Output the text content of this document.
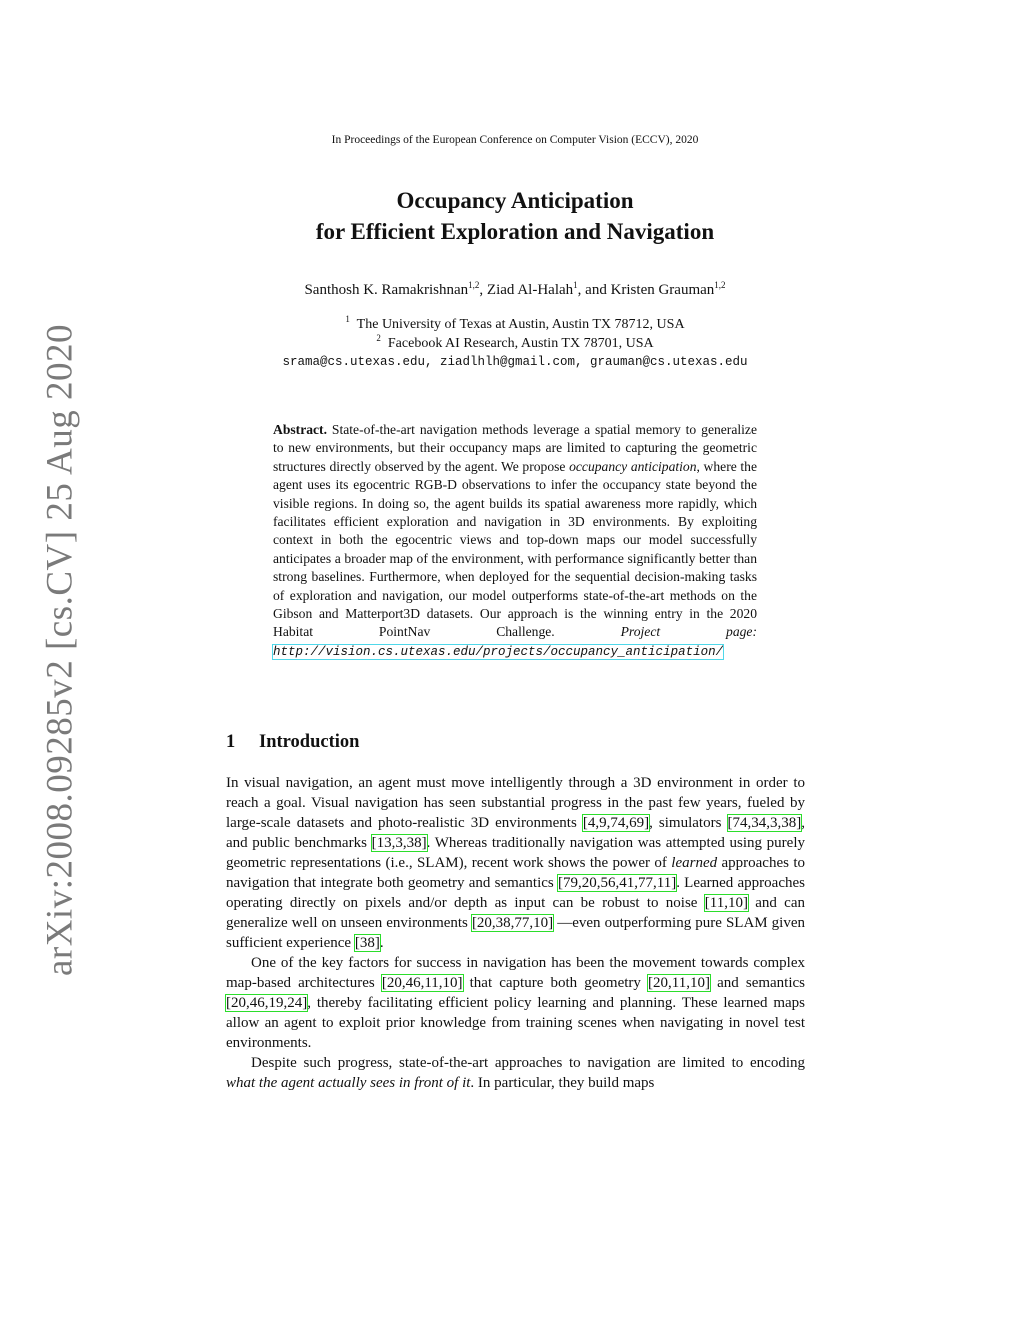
arXiv:2008.09285v2 [cs.CV] 25 Aug 2020
In Proceedings of the European Conference on Computer Vision (ECCV), 2020
Occupancy Anticipation
for Efficient Exploration and Navigation
Santhosh K. Ramakrishnan$^{1,2}$, Ziad Al-Halah$^1$, and Kristen Grauman$^{1,2}$
$^1$ The University of Texas at Austin, Austin TX 78712, USA
$^2$ Facebook AI Research, Austin TX 78701, USA
srama@cs.utexas.edu, ziadlhlh@gmail.com, grauman@cs.utexas.edu
Abstract. State-of-the-art navigation methods leverage a spatial memory to generalize to new environments, but their occupancy maps are limited to capturing the geometric structures directly observed by the agent. We propose occupancy anticipation, where the agent uses its egocentric RGB-D observations to infer the occupancy state beyond the visible regions. In doing so, the agent builds its spatial awareness more rapidly, which facilitates efficient exploration and navigation in 3D environments. By exploiting context in both the egocentric views and top-down maps our model successfully anticipates a broader map of the environment, with performance significantly better than strong baselines. Furthermore, when deployed for the sequential decision-making tasks of exploration and navigation, our model outperforms state-of-the-art methods on the Gibson and Matterport3D datasets. Our approach is the winning entry in the 2020 Habitat PointNav Challenge. Project page: http://vision.cs.utexas.edu/projects/occupancy_anticipation/
1 Introduction

In visual navigation, an agent must move intelligently through a 3D environment in order to reach a goal. Visual navigation has seen substantial progress in the past few years, fueled by large-scale datasets and photo-realistic 3D environments [4,9,74,69], simulators [74,34,3,38], and public benchmarks [13,3,38]. Whereas traditionally navigation was attempted using purely geometric representations (i.e., SLAM), recent work shows the power of learned approaches to navigation that integrate both geometry and semantics [79,20,56,41,77,11]. Learned approaches operating directly on pixels and/or depth as input can be robust to noise [11,10] and can generalize well on unseen environments [20,38,77,10] —even outperforming pure SLAM given sufficient experience [38].

One of the key factors for success in navigation has been the movement towards complex map-based architectures [20,46,11,10] that capture both geometry [20,11,10] and semantics [20,46,19,24], thereby facilitating efficient policy learning and planning. These learned maps allow an agent to exploit prior knowledge from training scenes when navigating in novel test environments.

Despite such progress, state-of-the-art approaches to navigation are limited to encoding what the agent actually sees in front of it. In particular, they build maps
